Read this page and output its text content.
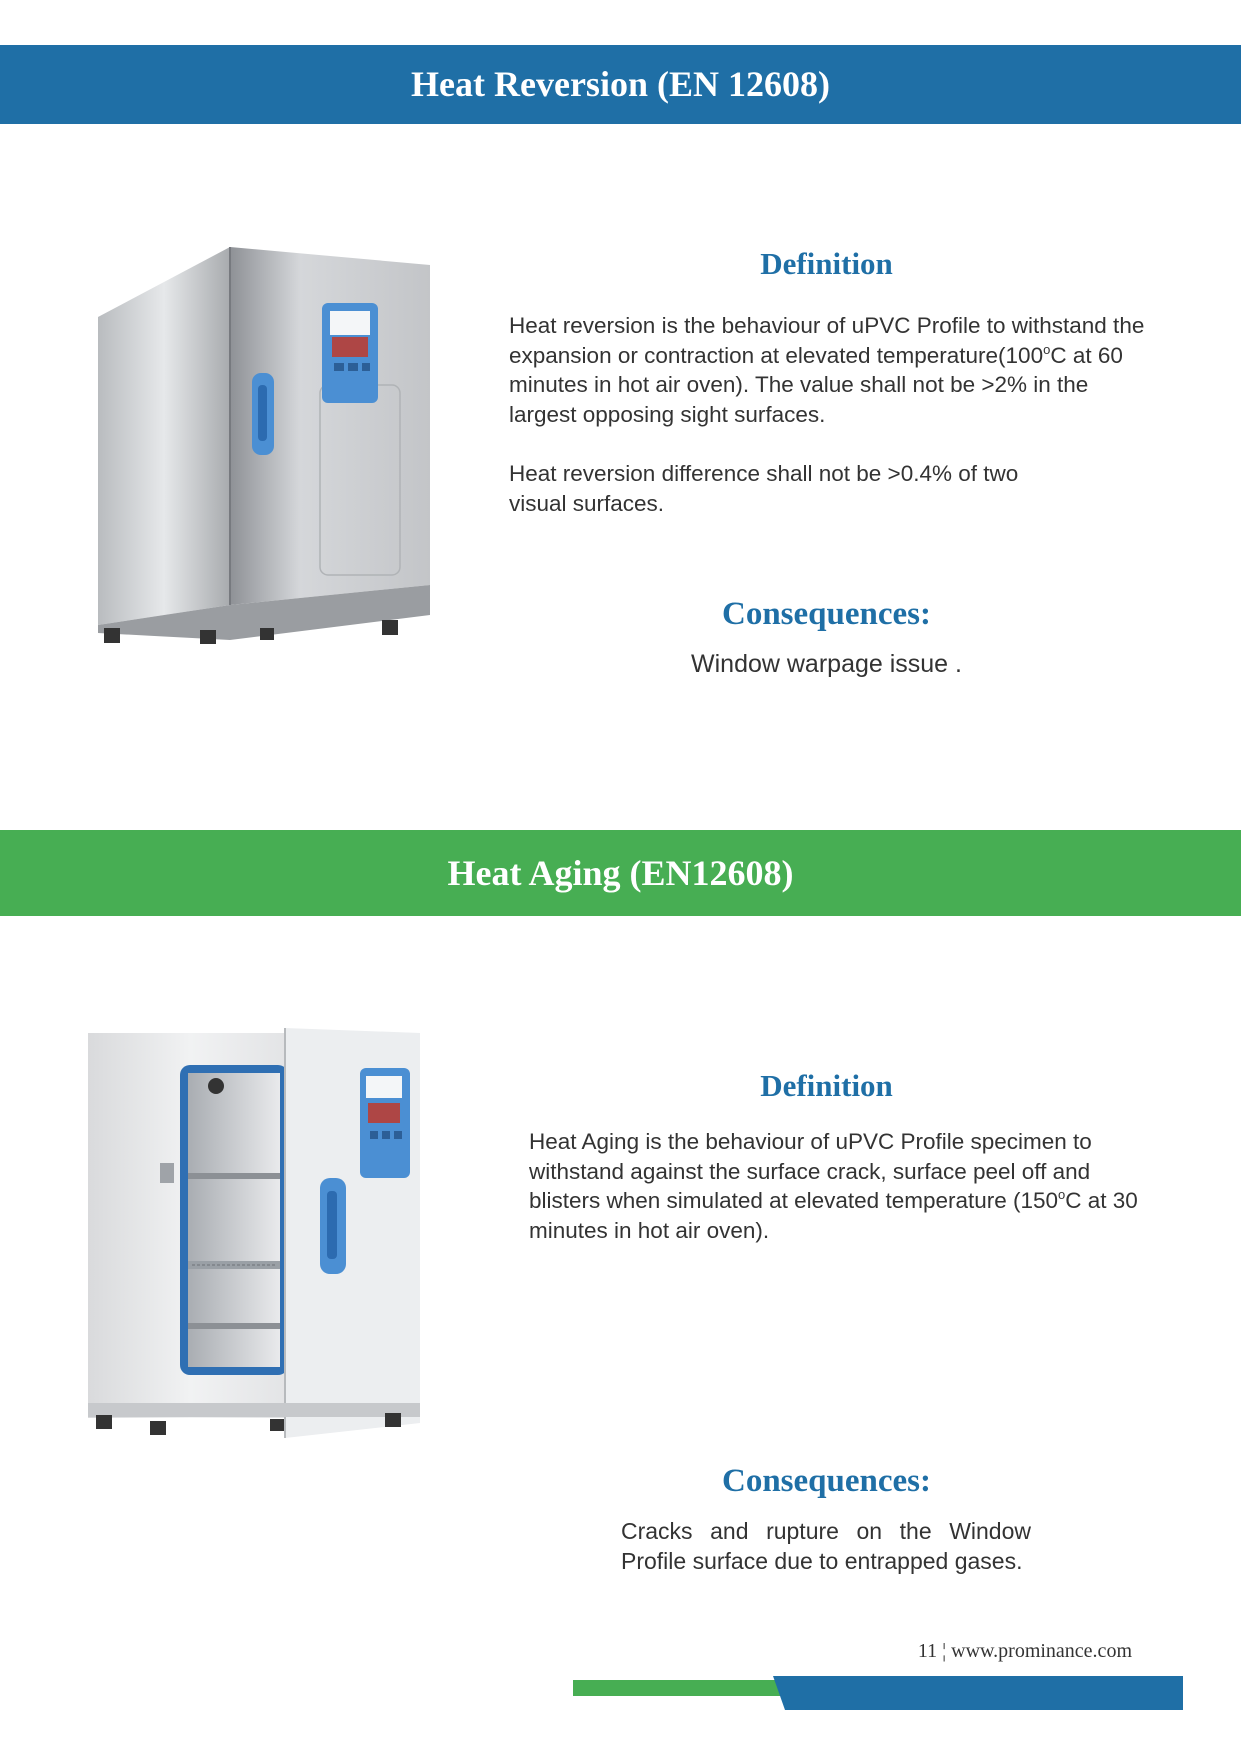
Heat Reversion (EN 12608)
Definition

Heat reversion is the behaviour of uPVC Profile to withstand the expansion or contraction at elevated temperature(100$^o$C at 60 minutes in hot air oven). The value shall not be >2% in the largest opposing sight surfaces.

Heat reversion difference shall not be >0.4% of two visual surfaces.

Consequences:
Window warpage issue .
Heat Aging (EN12608)
Definition

Heat Aging is the behaviour of uPVC Profile specimen to withstand against the surface crack, surface peel off and blisters when simulated at elevated temperature (150$^o$C at 30 minutes in hot air oven).

Consequences:

Cracks and rupture on the Window Profile surface due to entrapped gases.

11 ¦ www.prominance.com
